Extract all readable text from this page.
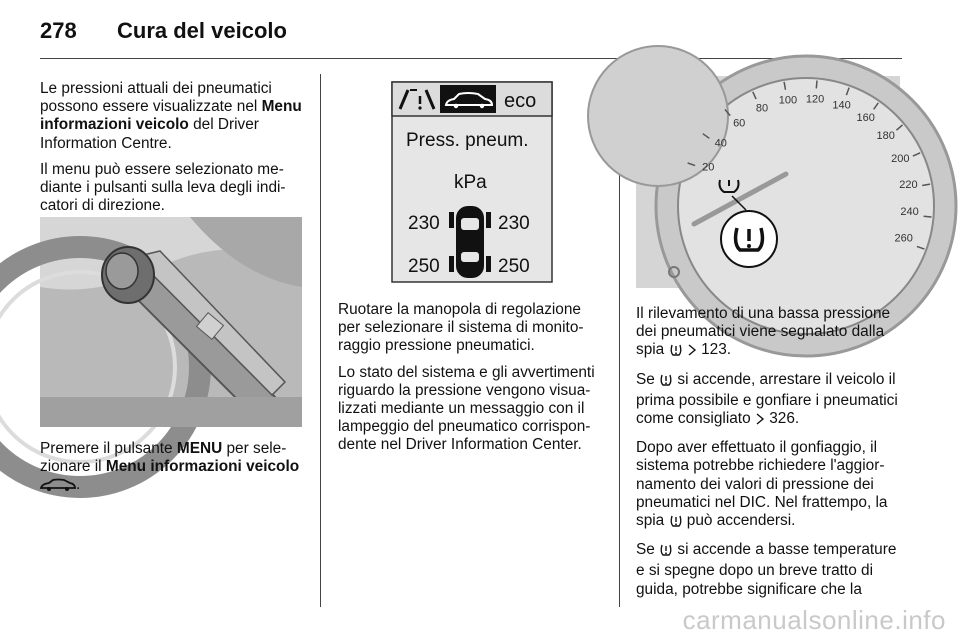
278 Cura del veicolo

Le pressioni attuali dei pneumatici possono essere visualizzate nel Menu informazioni veicolo del Driver Information Centre.

Il menu può essere selezionato mediante i pulsanti sulla leva degli indicatori di direzione.

Premere il pulsante MENU per selezionare il Menu informazioni veicolo .

eco
Press. pneum.
kPa
230	230
250	250

Ruotare la manopola di regolazione per selezionare il sistema di monitoraggio pressione pneumatici.

Lo stato del sistema e gli avvertimenti riguardo la pressione vengono visualizzati mediante un messaggio con il lampeggio del pneumatico corrispondente nel Driver Information Center.

20
40
60
80
100 120 140
160
180
200
220
240
260

Il rilevamento di una bassa pressione dei pneumatici viene segnalato dalla spia   123.

Se  si accende, arrestare il veicolo il prima possibile e gonfiare i pneumatici come consigliato  326.

Dopo aver effettuato il gonfiaggio, il sistema potrebbe richiedere l'aggiornamento dei valori di pressione dei pneumatici nel DIC. Nel frattempo, la spia  può accendersi.

Se  si accende a basse temperature e si spegne dopo un breve tratto di guida, potrebbe significare che la

carmanualsonline.info
